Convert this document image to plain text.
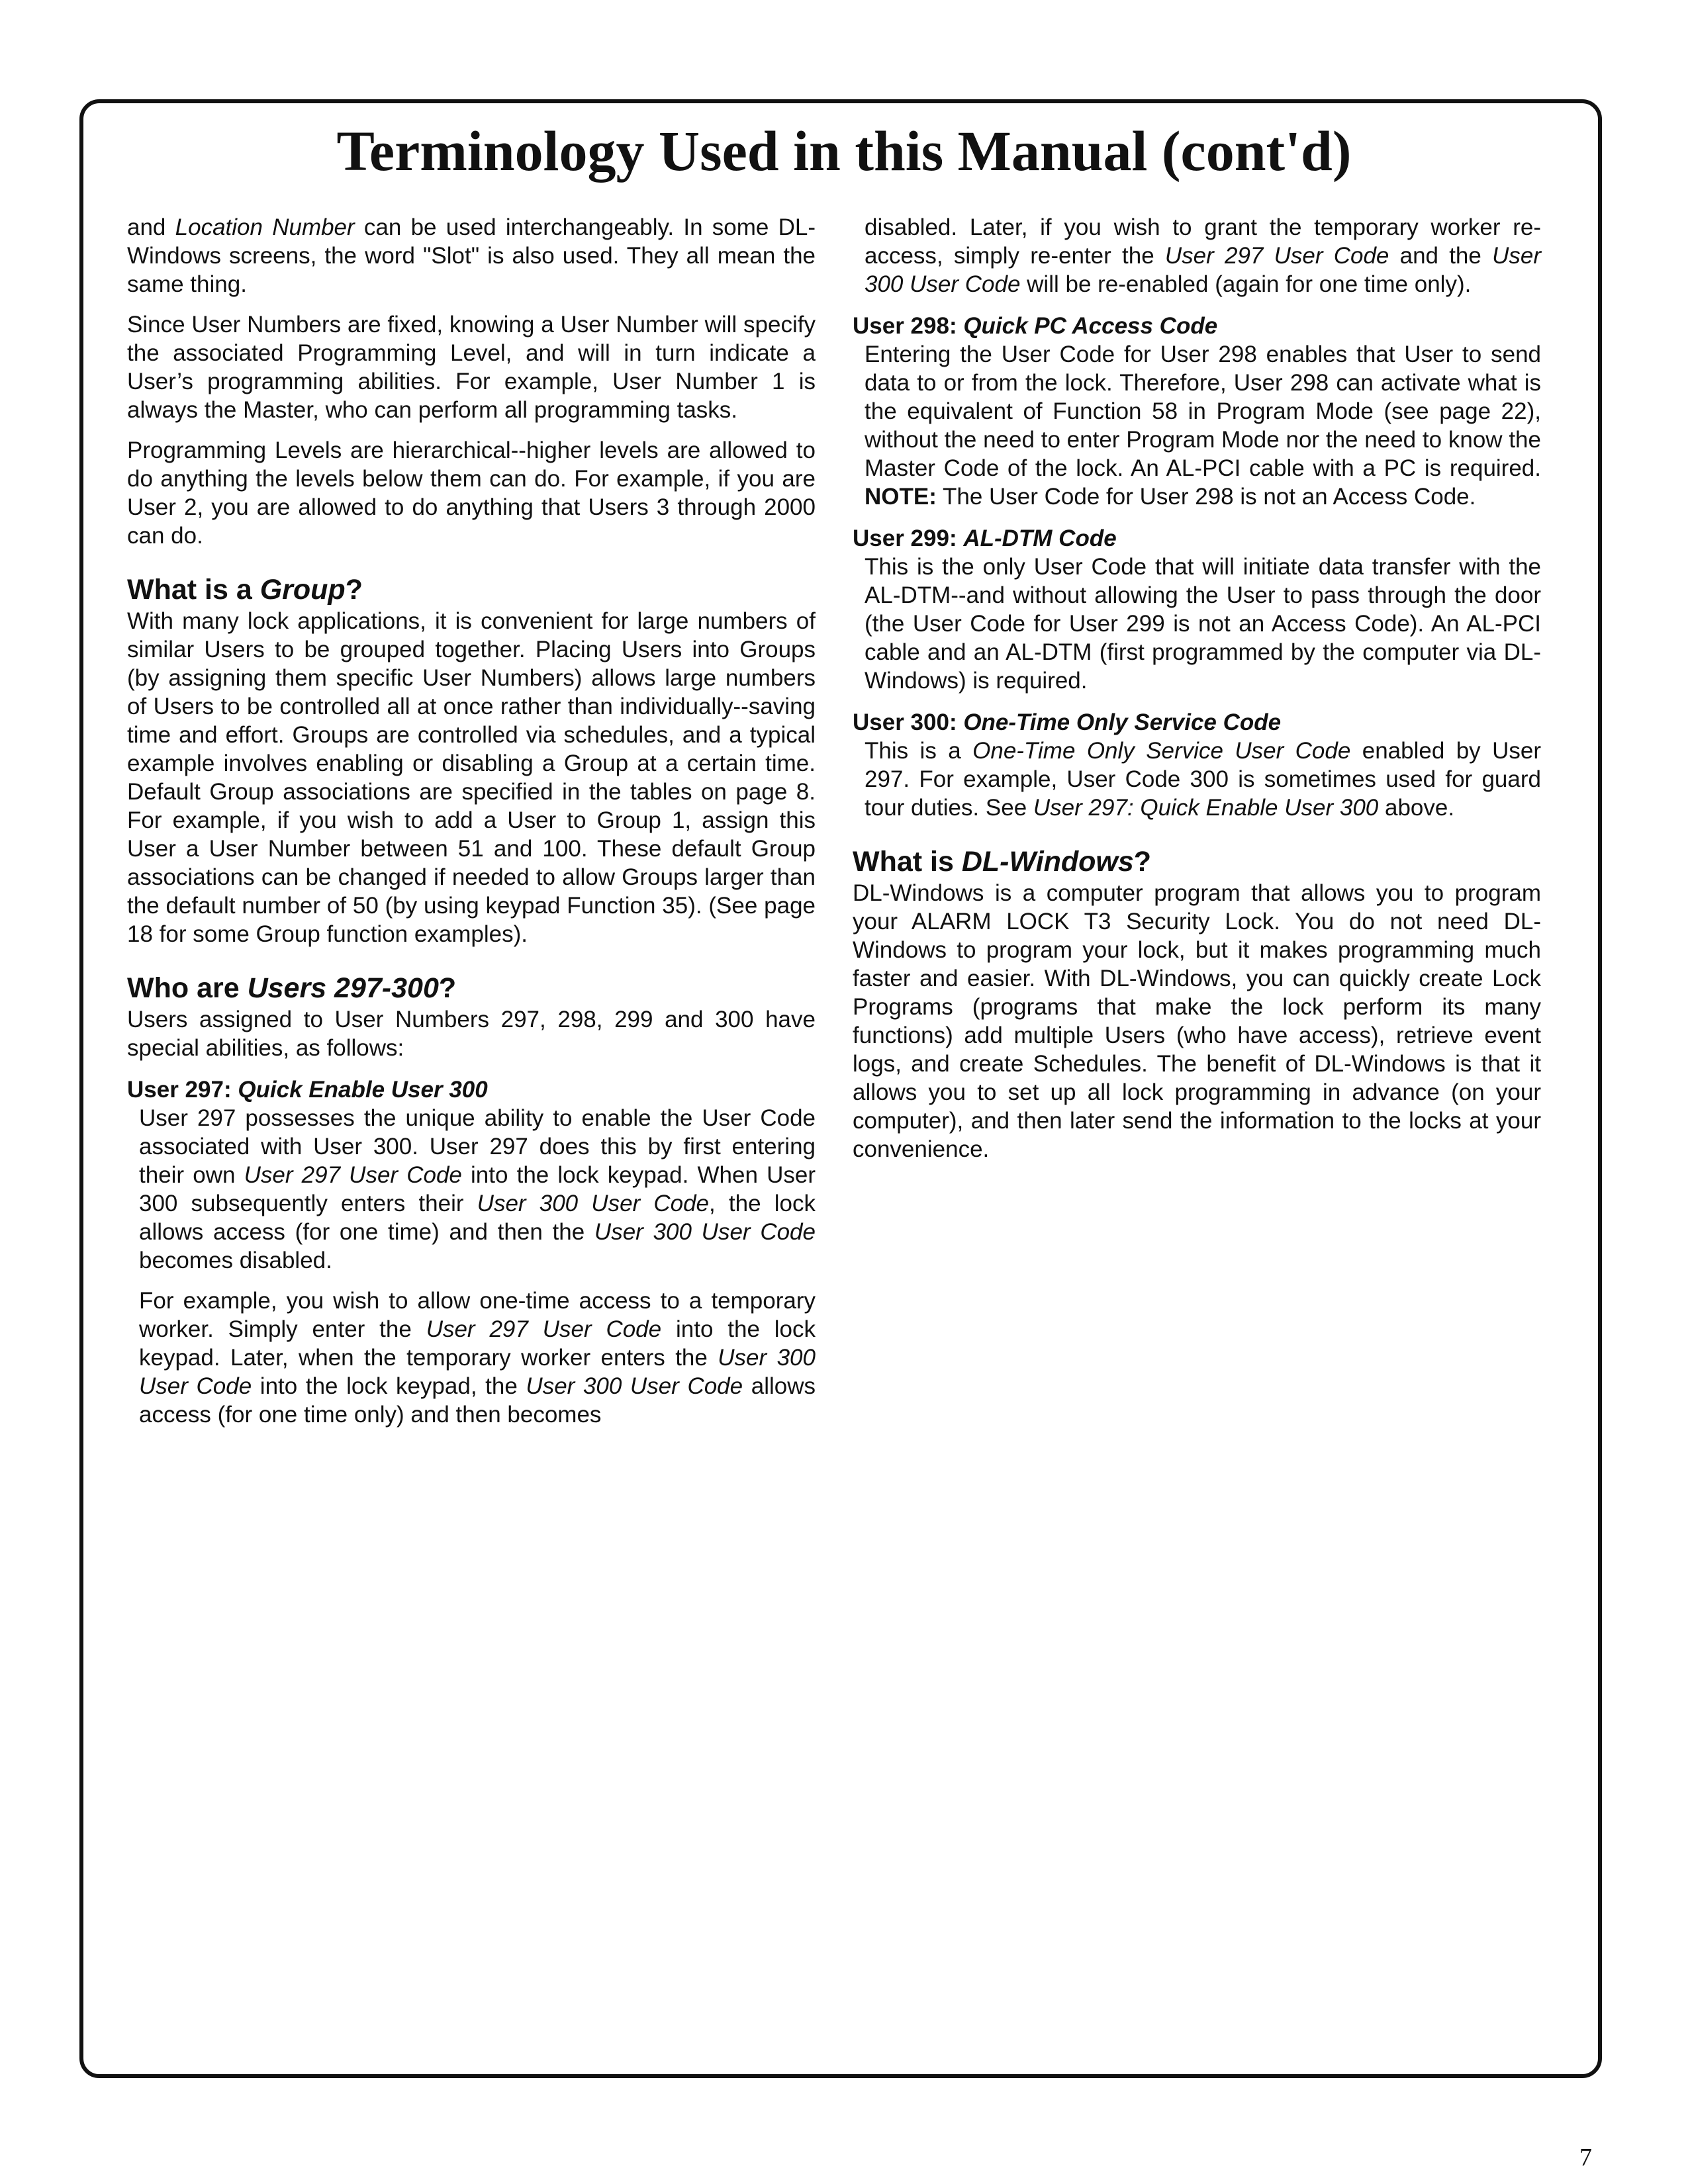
Terminology Used in this Manual (cont'd)

and Location Number can be used interchangeably. In some DL-Windows screens, the word "Slot" is also used. They all mean the same thing.

Since User Numbers are fixed, knowing a User Number will specify the associated Programming Level, and will in turn indicate a User’s programming abilities. For example, User Number 1 is always the Master, who can perform all programming tasks.

Programming Levels are hierarchical--higher levels are allowed to do anything the levels below them can do. For example, if you are User 2, you are allowed to do anything that Users 3 through 2000 can do.

What is a Group?

With many lock applications, it is convenient for large numbers of similar Users to be grouped together. Placing Users into Groups (by assigning them specific User Numbers) allows large numbers of Users to be controlled all at once rather than individually--saving time and effort. Groups are controlled via schedules, and a typical example involves enabling or disabling a Group at a certain time. Default Group associations are specified in the tables on page 8. For example, if you wish to add a User to Group 1, assign this User a User Number between 51 and 100. These default Group associations can be changed if needed to allow Groups larger than the default number of 50 (by using keypad Function 35). (See page 18 for some Group function examples).

Who are Users 297-300?

Users assigned to User Numbers 297, 298, 299 and 300 have special abilities, as follows:

User 297: Quick Enable User 300

User 297 possesses the unique ability to enable the User Code associated with User 300. User 297 does this by first entering their own User 297 User Code into the lock keypad. When User 300 subsequently enters their User 300 User Code, the lock allows access (for one time) and then the User 300 User Code becomes disabled.

For example, you wish to allow one-time access to a temporary worker. Simply enter the User 297 User Code into the lock keypad. Later, when the temporary worker enters the User 300 User Code into the lock keypad, the User 300 User Code allows access (for one time only) and then becomes

disabled. Later, if you wish to grant the temporary worker re-access, simply re-enter the User 297 User Code and the User 300 User Code will be re-enabled (again for one time only).

User 298: Quick PC Access Code

Entering the User Code for User 298 enables that User to send data to or from the lock. Therefore, User 298 can activate what is the equivalent of Function 58 in Program Mode (see page 22), without the need to enter Program Mode nor the need to know the Master Code of the lock. An AL-PCI cable with a PC is required. NOTE: The User Code for User 298 is not an Access Code.

User 299: AL-DTM Code

This is the only User Code that will initiate data transfer with the AL-DTM--and without allowing the User to pass through the door (the User Code for User 299 is not an Access Code). An AL-PCI cable and an AL-DTM (first programmed by the computer via DL-Windows) is required.

User 300: One-Time Only Service Code

This is a One-Time Only Service User Code enabled by User 297. For example, User Code 300 is sometimes used for guard tour duties. See User 297: Quick Enable User 300 above.

What is DL-Windows?

DL-Windows is a computer program that allows you to program your ALARM LOCK T3 Security Lock. You do not need DL-Windows to program your lock, but it makes programming much faster and easier. With DL-Windows, you can quickly create Lock Programs (programs that make the lock perform its many functions) add multiple Users (who have access), retrieve event logs, and create Schedules. The benefit of DL-Windows is that it allows you to set up all lock programming in advance (on your computer), and then later send the information to the locks at your convenience.

7
